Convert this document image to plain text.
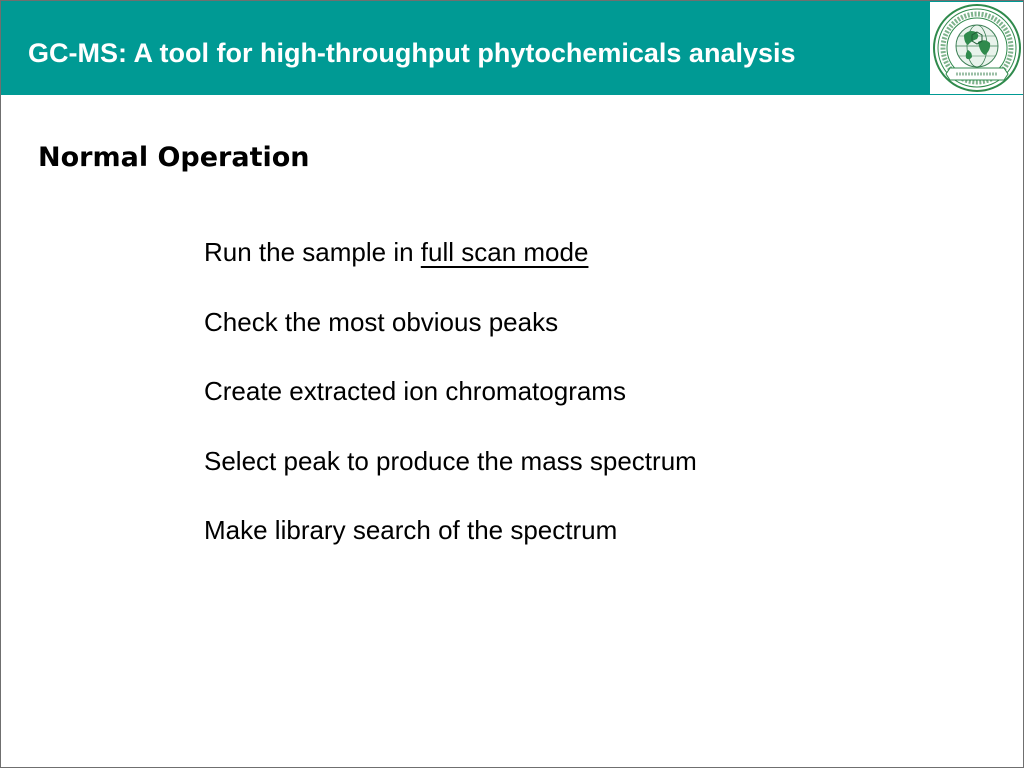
GC-MS: A tool for high-throughput phytochemicals analysis
Normal Operation
Run the sample in full scan mode
Check the most obvious peaks
Create extracted ion chromatograms
Select peak to produce the mass spectrum
Make library search of the spectrum
